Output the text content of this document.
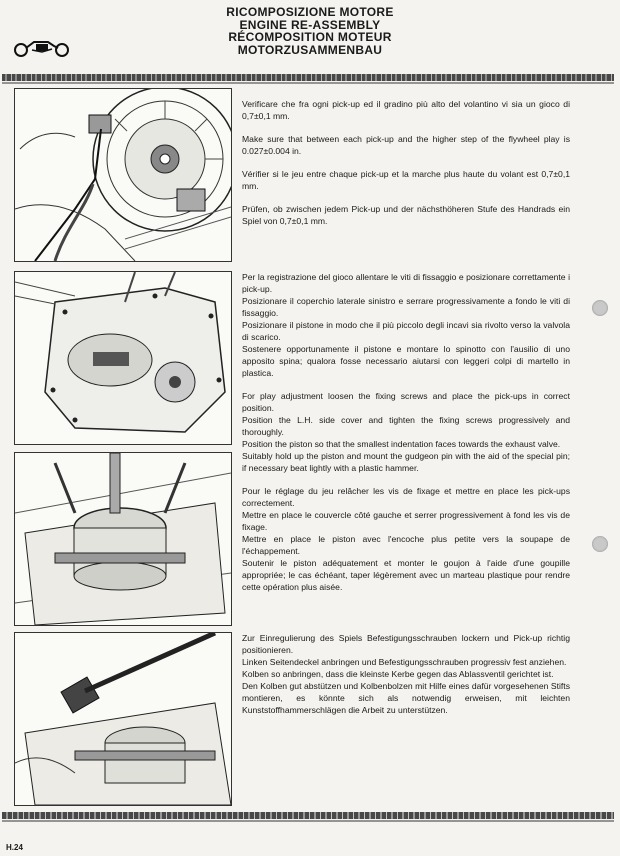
RICOMPOSIZIONE MOTORE
ENGINE RE-ASSEMBLY
RÉCOMPOSITION MOTEUR
MOTORZUSAMMENBAU

Verificare che fra ogni pick-up ed il gradino più alto del volantino vi sia un gioco di 0,7±0,1 mm.

Make sure that between each pick-up and the higher step of the flywheel play is 0.027±0.004 in.

Vérifier si le jeu entre chaque pick-up et la marche plus haute du volant est 0,7±0,1 mm.

Prüfen, ob zwischen jedem Pick-up und der nächsthöheren Stufe des Handrads ein Spiel von 0,7±0,1 mm.

Per la registrazione del gioco allentare le viti di fissaggio e posizionare correttamente i pick-up.

Posizionare il coperchio laterale sinistro e serrare progressivamente a fondo le viti di fissaggio.

Posizionare il pistone in modo che il più piccolo degli incavi sia rivolto verso la valvola di scarico.

Sostenere opportunamente il pistone e montare lo spinotto con l'ausilio di uno apposito spina; qualora fosse necessario aiutarsi con leggeri colpi di martello in plastica.

For play adjustment loosen the fixing screws and place the pick-ups in correct position.

Position the L.H. side cover and tighten the fixing screws progressively and thoroughly.

Position the piston so that the smallest indentation faces towards the exhaust valve.

Suitably hold up the piston and mount the gudgeon pin with the aid of the special pin; if necessary beat lightly with a plastic hammer.

Pour le réglage du jeu relâcher les vis de fixage et mettre en place les pick-ups correctement.

Mettre en place le couvercle côté gauche et serrer progressivement à fond les vis de fixage.

Mettre en place le piston avec l'encoche plus petite vers la soupape de l'échappement.

Soutenir le piston adéquatement et monter le goujon à l'aide d'une goupille appropriée; le cas échéant, taper légèrement avec un marteau plastique pour rendre cette opération plus aisée.

Zur Einregulierung des Spiels Befestigungsschrauben lockern und Pick-up richtig positionieren.

Linken Seitendeckel anbringen und Befestigungsschrauben progressiv fest anziehen.

Kolben so anbringen, dass die kleinste Kerbe gegen das Ablassventil gerichtet ist.

Den Kolben gut abstützen und Kolbenbolzen mit Hilfe eines dafür vorgesehenen Stifts montieren, es könnte sich als notwendig erweisen, mit leichten Kunststoffhammerschlägen die Arbeit zu unterstützen.

H.24
